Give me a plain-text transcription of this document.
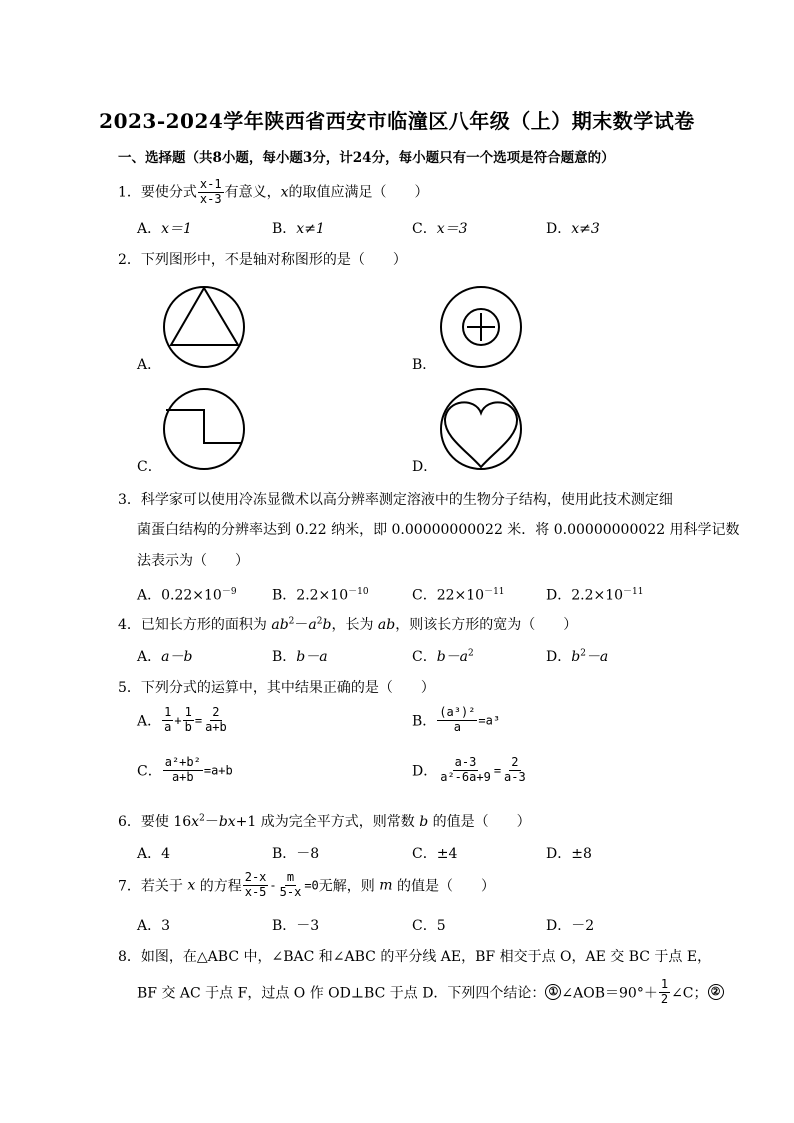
2023-2024学年陕西省西安市临潼区八年级（上）期末数学试卷
一、选择题（共8小题，每小题3分，计24分，每小题只有一个选项是符合题意的）
1．要使分式 $\frac{x-1}{x-3}$ 有意义，x的取值应满足（　　）
A．x＝1	B．x≠1	C．x＝3	D．x≠3
2．下列图形中，不是轴对称图形的是（　　）
A．	B．
C．	D．
3．科学家可以使用冷冻显微术以高分辨率测定溶液中的生物分子结构，使用此技术测定细
菌蛋白结构的分辨率达到 0.22 纳米，即 0.00000000022 米．将 0.00000000022 用科学记数
法表示为（　　）
A．$0.22\times 10^{-9}$	B．$2.2\times 10^{-10}$	C．$22\times 10^{-11}$	D．$2.2\times 10^{-11}$
4．已知长方形的面积为 $ab^2-a^2b$，长为 ab，则该长方形的宽为（　　）
A．a－b	B．b－a	C．$b-a^2$	D．$b^2-a$
5．下列分式的运算中，其中结果正确的是（　　）
A． $\frac{1}{a} + \frac{1}{b} = \frac{2}{a+b}$	B． $\frac{\text{(a³)²}}{a} =a^3$
C． $\frac{\text{a²+b²}}{a+b} =a+b$	D． $\frac{a-3}{\text{a²-6a+9}} = \frac{2}{a-3}$
6．要使 $16x^2-bx+1$ 成为完全平方式，则常数 b 的值是（　　）
A．4	B．－8	C．±4	D．±8
7．若关于 x 的方程 $\frac{2-x}{x-5} - \frac{m}{5-x} =0$无解，则 m 的值是（　　）
A．3	B．－3	C．5	D．－2
8．如图，在△ABC 中，∠BAC 和∠ABC 的平分线 AE，BF 相交于点 O，AE 交 BC 于点 E，
BF 交 AC 于点 F，过点 O 作 OD⊥BC 于点 D．下列四个结论： ① ∠AOB＝90°＋ $\frac{1}{2}$ ∠C； ②
